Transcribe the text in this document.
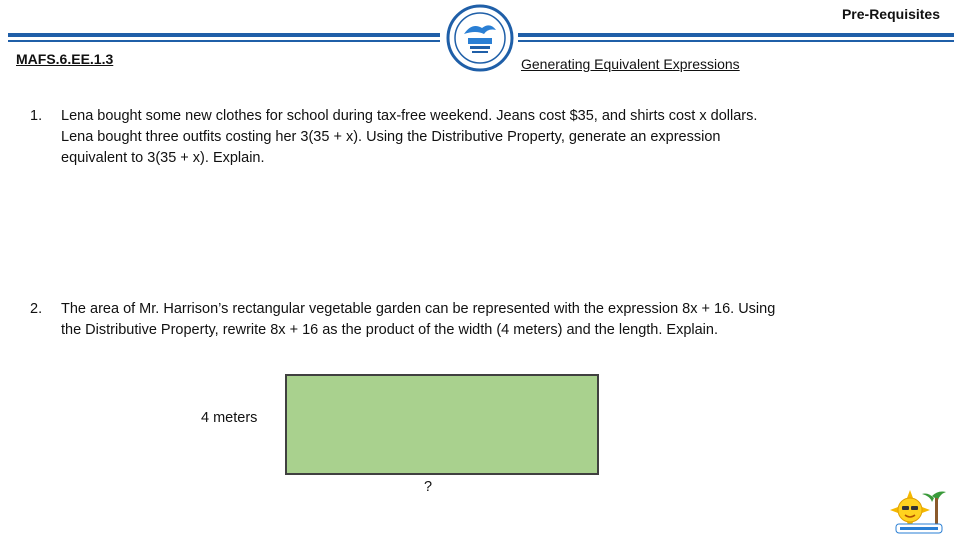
Pre-Requisites
MAFS.6.EE.1.3	Generating Equivalent Expressions
1. Lena bought some new clothes for school during tax-free weekend. Jeans cost $35, and shirts cost x dollars.
Lena bought three outfits costing her 3(35 + x). Using the Distributive Property, generate an expression
equivalent to 3(35 + x). Explain.
2. The area of Mr. Harrison’s rectangular vegetable garden can be represented with the expression 8x + 16. Using
the Distributive Property, rewrite 8x + 16 as the product of the width (4 meters) and the length. Explain.
4 meters
?
